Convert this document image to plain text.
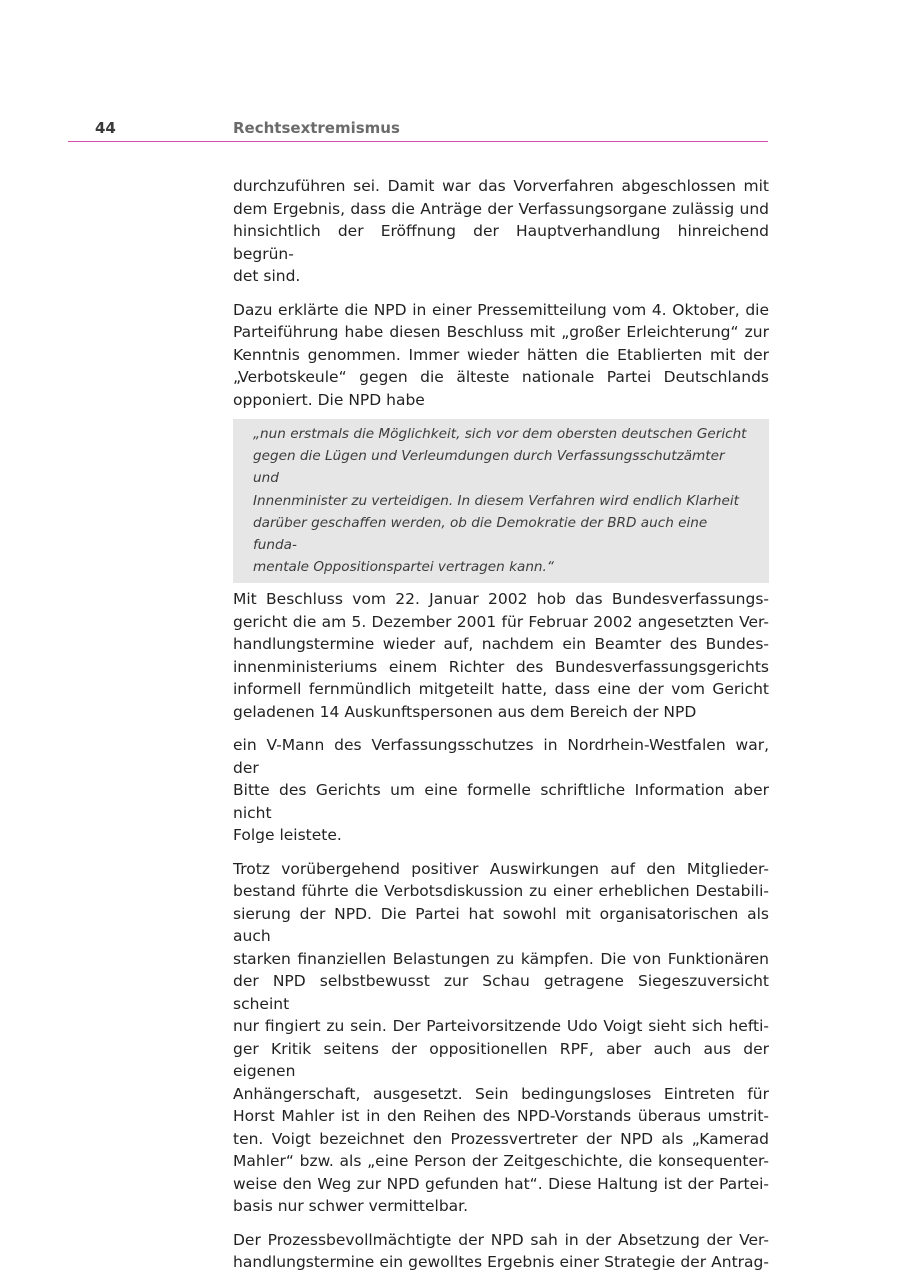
44	Rechtsextremismus

durchzuführen sei. Damit war das Vorverfahren abgeschlossen mit
dem Ergebnis, dass die Anträge der Verfassungsorgane zulässig und
hinsichtlich der Eröffnung der Hauptverhandlung hinreichend begrün-
det sind.

Dazu erklärte die NPD in einer Pressemitteilung vom 4. Oktober, die
Parteiführung habe diesen Beschluss mit „großer Erleichterung“ zur
Kenntnis genommen. Immer wieder hätten die Etablierten mit der
„Verbotskeule“ gegen die älteste nationale Partei Deutschlands
opponiert. Die NPD habe

„nun erstmals die Möglichkeit, sich vor dem obersten deutschen Gericht
gegen die Lügen und Verleumdungen durch Verfassungsschutzämter und
Innenminister zu verteidigen. In diesem Verfahren wird endlich Klarheit
darüber geschaffen werden, ob die Demokratie der BRD auch eine funda-
mentale Oppositionspartei vertragen kann.“

Mit Beschluss vom 22. Januar 2002 hob das Bundesverfassungs-
gericht die am 5. Dezember 2001 für Februar 2002 angesetzten Ver-
handlungstermine wieder auf, nachdem ein Beamter des Bundes-
innenministeriums einem Richter des Bundesverfassungsgerichts
informell fernmündlich mitgeteilt hatte, dass eine der vom Gericht
geladenen 14 Auskunftspersonen aus dem Bereich der NPD

ein V-Mann des Verfassungsschutzes in Nordrhein-Westfalen war, der
Bitte des Gerichts um eine formelle schriftliche Information aber nicht
Folge leistete.

Trotz vorübergehend positiver Auswirkungen auf den Mitglieder-
bestand führte die Verbotsdiskussion zu einer erheblichen Destabili-
sierung der NPD. Die Partei hat sowohl mit organisatorischen als auch
starken finanziellen Belastungen zu kämpfen. Die von Funktionären
der NPD selbstbewusst zur Schau getragene Siegeszuversicht scheint
nur fingiert zu sein. Der Parteivorsitzende Udo Voigt sieht sich hefti-
ger Kritik seitens der oppositionellen RPF, aber auch aus der eigenen
Anhängerschaft, ausgesetzt. Sein bedingungsloses Eintreten für
Horst Mahler ist in den Reihen des NPD-Vorstands überaus umstrit-
ten. Voigt bezeichnet den Prozessvertreter der NPD als „Kamerad
Mahler“ bzw. als „eine Person der Zeitgeschichte, die konsequenter-
weise den Weg zur NPD gefunden hat“. Diese Haltung ist der Partei-
basis nur schwer vermittelbar.

Der Prozessbevollmächtigte der NPD sah in der Absetzung der Ver-
handlungstermine ein gewolltes Ergebnis einer Strategie der Antrag-
